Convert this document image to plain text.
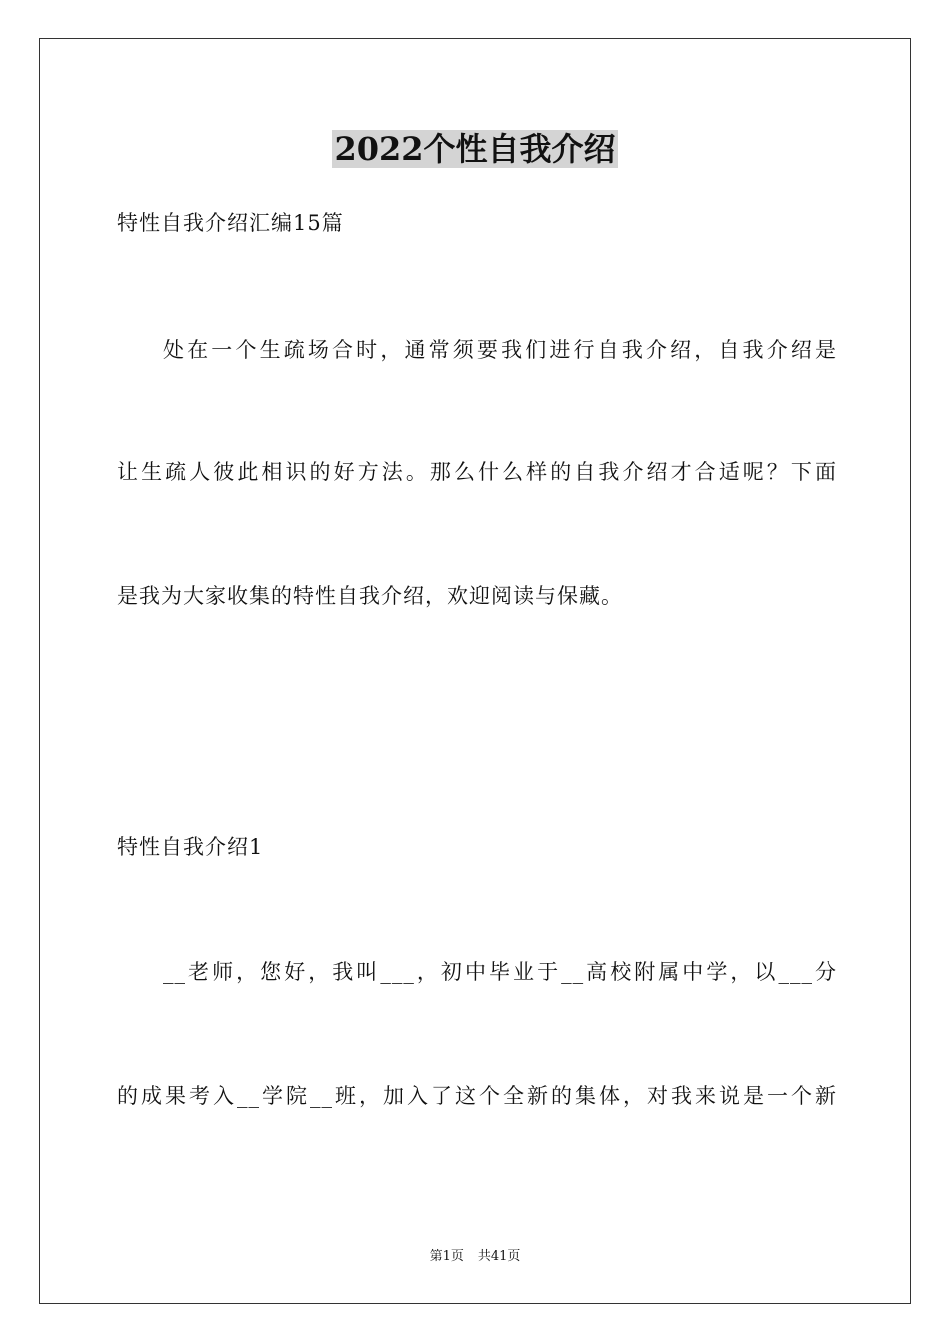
2022个性自我介绍
特性自我介绍汇编15篇
处在一个生疏场合时，通常须要我们进行自我介绍，自我介绍是
让生疏人彼此相识的好方法。那么什么样的自我介绍才合适呢？下面
是我为大家收集的特性自我介绍，欢迎阅读与保藏。
特性自我介绍1
__老师，您好，我叫___，初中毕业于__高校附属中学，以___分
的成果考入__学院__班，加入了这个全新的集体，对我来说是一个新
第1页 共41页
